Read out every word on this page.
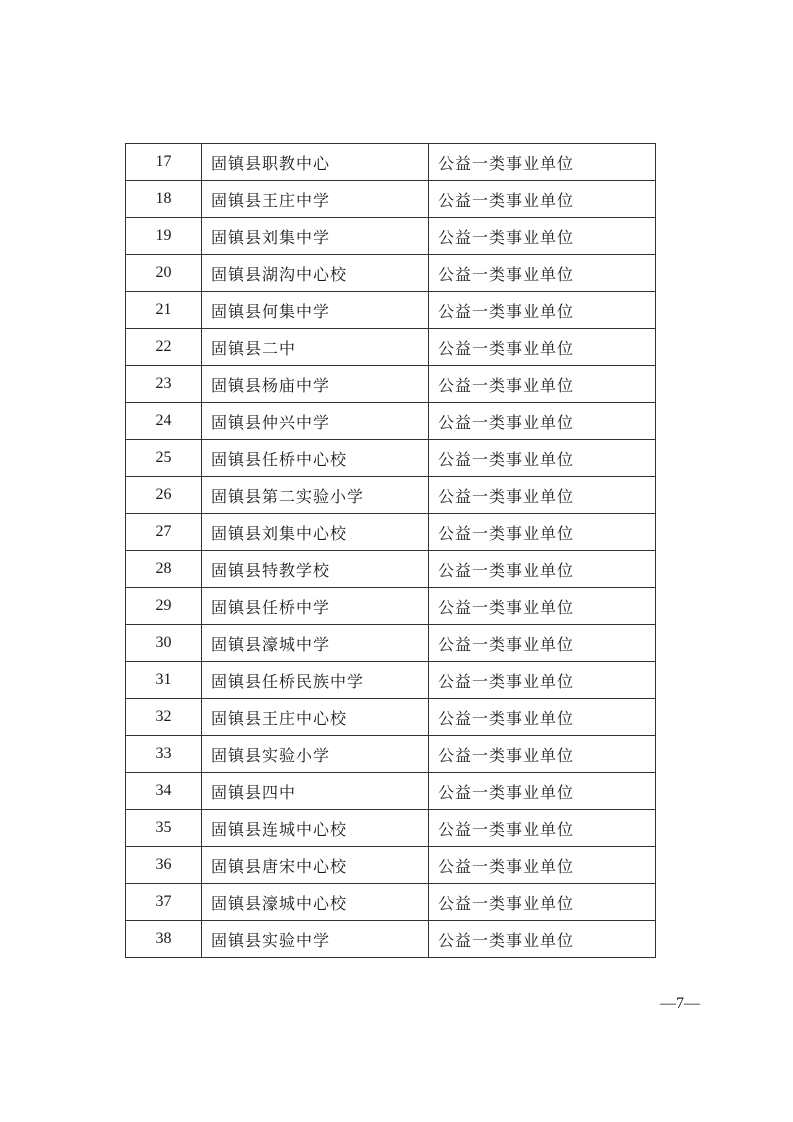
17	固镇县职教中心	公益一类事业单位
18	固镇县王庄中学	公益一类事业单位
19	固镇县刘集中学	公益一类事业单位
20	固镇县湖沟中心校	公益一类事业单位
21	固镇县何集中学	公益一类事业单位
22	固镇县二中	公益一类事业单位
23	固镇县杨庙中学	公益一类事业单位
24	固镇县仲兴中学	公益一类事业单位
25	固镇县任桥中心校	公益一类事业单位
26	固镇县第二实验小学	公益一类事业单位
27	固镇县刘集中心校	公益一类事业单位
28	固镇县特教学校	公益一类事业单位
29	固镇县任桥中学	公益一类事业单位
30	固镇县濠城中学	公益一类事业单位
31	固镇县任桥民族中学	公益一类事业单位
32	固镇县王庄中心校	公益一类事业单位
33	固镇县实验小学	公益一类事业单位
34	固镇县四中	公益一类事业单位
35	固镇县连城中心校	公益一类事业单位
36	固镇县唐宋中心校	公益一类事业单位
37	固镇县濠城中心校	公益一类事业单位
38	固镇县实验中学	公益一类事业单位
—7—
